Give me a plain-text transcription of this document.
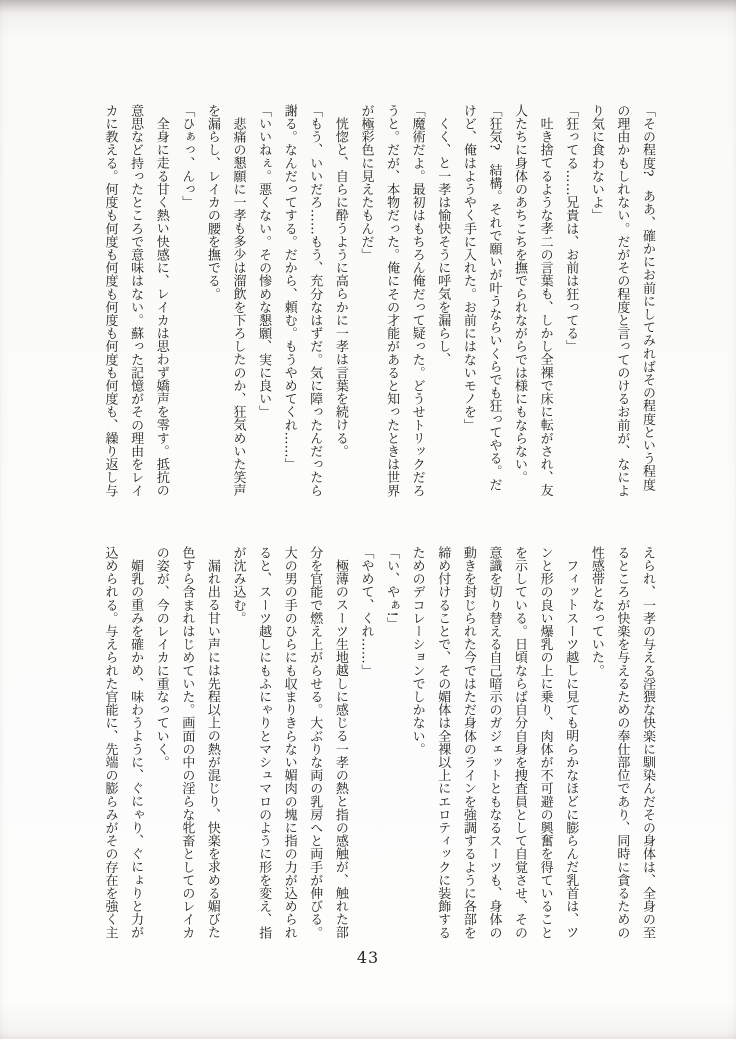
「その程度?　ああ、確かにお前にしてみればその程度という程度

の理由かもしれない。だがその程度と言ってのけるお前が、なによ

り気に食わないよ」

「狂ってる……兄貴は、お前は狂ってる」

吐き捨てるような孝二の言葉も、しかし全裸で床に転がされ、友

人たちに身体のあちこちを撫でられながらでは様にもならない。

「狂気?　結構。それで願いが叶うならいくらでも狂ってやる。だ

けど、俺はようやく手に入れた。お前にはないモノを」

くく、と一孝は愉快そうに呼気を漏らし、

「魔術だよ。最初はもちろん俺だって疑った。どうせトリックだろ

うと。だが、本物だった。俺にその才能があると知ったときは世界

が極彩色に見えたもんだ」

恍惚と、自らに酔うように高らかに一孝は言葉を続ける。

「もう、いいだろ……もう、充分なはずだ。気に障ったんだったら

謝る。なんだってする。だから、頼む。もうやめてくれ……」

「いいねぇ。悪くない。その惨めな懇願、実に良い」

悲痛の懇願に一孝も多少は溜飲を下ろしたのか、狂気めいた笑声

を漏らし、レイカの腰を撫でる。

「ひぁっ、んっ」

全身に走る甘く熱い快感に、レイカは思わず嬌声を零す。抵抗の

意思など持ったところで意味はない。蘇った記憶がその理由をレイ

カに教える。何度も何度も何度も何度も何度も何度も、繰り返し与

えられ、一孝の与える淫猥な快楽に馴染んだその身体は、全身の至

るところが快楽を与えるための奉仕部位であり、同時に貪るための

性感帯となっていた。

フィットスーツ越しに見ても明らかなほどに膨らんだ乳首は、ツ

ンと形の良い爆乳の上に乗り、肉体が不可避の興奮を得ていること

を示している。日頃ならば自分自身を捜査員として自覚させ、その

意識を切り替える自己暗示のガジェットともなるスーツも、身体の

動きを封じられた今ではただ身体のラインを強調するように各部を

締め付けることで、その媚体は全裸以上にエロティックに装飾する

ためのデコレーションでしかない。

「い、やぁ!」

「やめて、くれ……」

極薄のスーツ生地越しに感じる一孝の熱と指の感触が、触れた部

分を官能で燃え上がらせる。大ぶりな両の乳房へと両手が伸びる。

大の男の手のひらにも収まりきらない媚肉の塊に指の力が込められ

ると、スーツ越しにもふにゃりとマシュマロのように形を変え、指

が沈み込む。

漏れ出る甘い声には先程以上の熱が混じり、快楽を求める媚びた

色すら含まれはじめていた。画面の中の淫らな牝畜としてのレイカ

の姿が、今のレイカに重なっていく。

媚乳の重みを確かめ、味わうように、ぐにゃり、ぐにょりと力が

込められる。与えられた官能に、先端の膨らみがその存在を強く主

43
